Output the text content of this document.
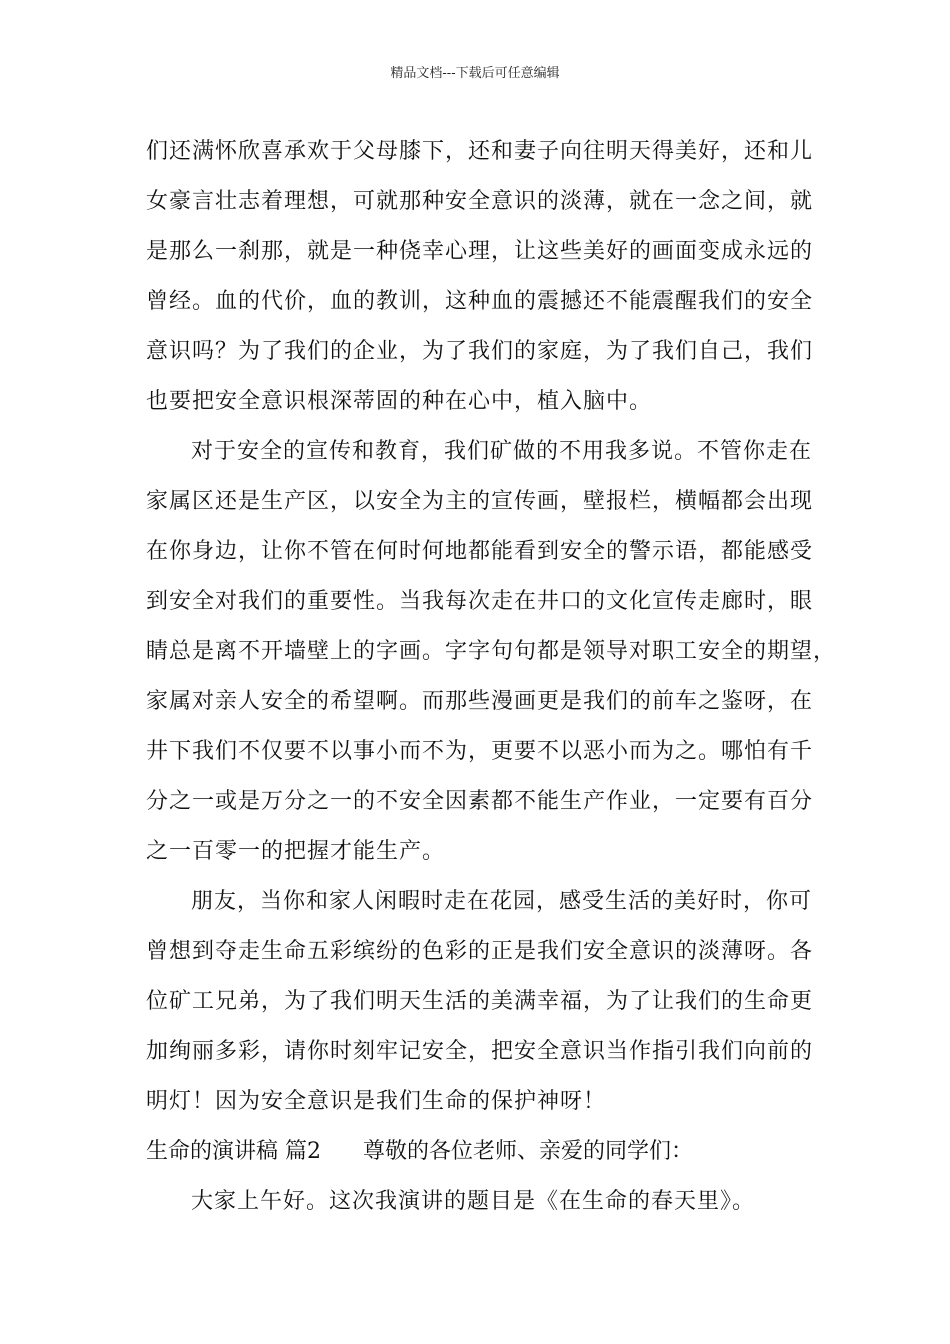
精品文档---下载后可任意编辑
们还满怀欣喜承欢于父母膝下，还和妻子向往明天得美好，还和儿
女豪言壮志着理想，可就那种安全意识的淡薄，就在一念之间，就
是那么一刹那，就是一种侥幸心理，让这些美好的画面变成永远的
曾经。血的代价，血的教训，这种血的震撼还不能震醒我们的安全
意识吗？为了我们的企业，为了我们的家庭，为了我们自己，我们
也要把安全意识根深蒂固的种在心中，植入脑中。
对于安全的宣传和教育，我们矿做的不用我多说。不管你走在
家属区还是生产区，以安全为主的宣传画，壁报栏，横幅都会出现
在你身边，让你不管在何时何地都能看到安全的警示语，都能感受
到安全对我们的重要性。当我每次走在井口的文化宣传走廊时，眼
睛总是离不开墙壁上的字画。字字句句都是领导对职工安全的期望，
家属对亲人安全的希望啊。而那些漫画更是我们的前车之鉴呀，在
井下我们不仅要不以事小而不为，更要不以恶小而为之。哪怕有千
分之一或是万分之一的不安全因素都不能生产作业，一定要有百分
之一百零一的把握才能生产。
朋友，当你和家人闲暇时走在花园，感受生活的美好时，你可
曾想到夺走生命五彩缤纷的色彩的正是我们安全意识的淡薄呀。各
位矿工兄弟，为了我们明天生活的美满幸福，为了让我们的生命更
加绚丽多彩，请你时刻牢记安全，把安全意识当作指引我们向前的
明灯！因为安全意识是我们生命的保护神呀！
生命的演讲稿 篇2 尊敬的各位老师、亲爱的同学们：
大家上午好。这次我演讲的题目是《在生命的春天里》。
